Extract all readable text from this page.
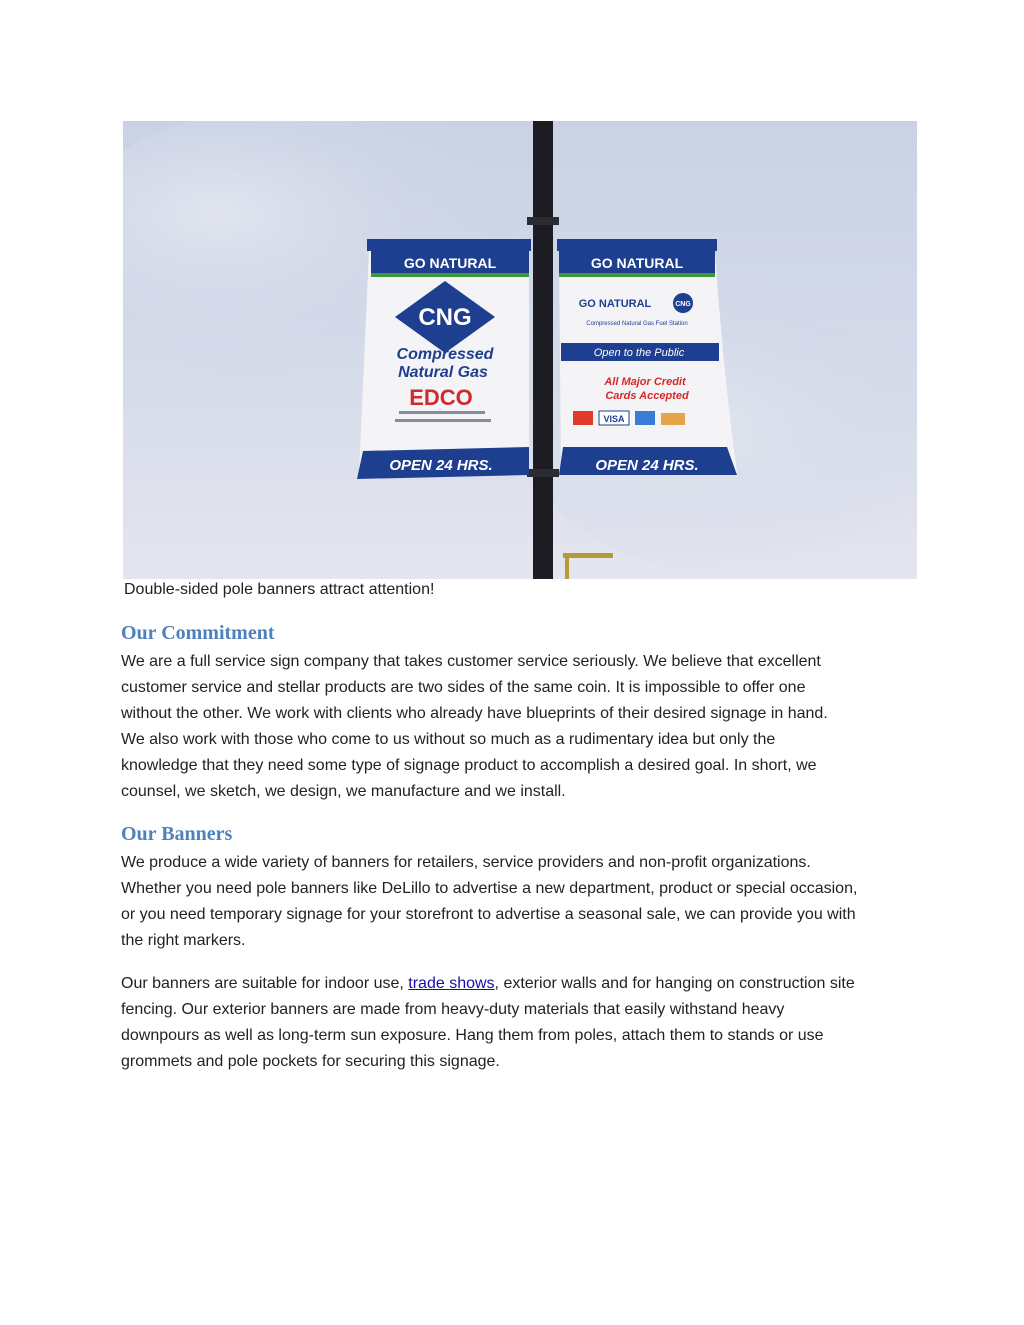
GO NATURAL
CNG
Compressed
Natural Gas
EDCO
OPEN 24 HRS.
GO NATURAL
GO NATURAL	CNG
Compressed Natural Gas Fuel Station
Open to the Public
All Major Credit
Cards Accepted
VISA
OPEN 24 HRS.
Double-sided pole banners attract attention!
Our Commitment
We are a full service sign company that takes customer service seriously. We believe that excellent
customer service and stellar products are two sides of the same coin. It is impossible to offer one
without the other. We work with clients who already have blueprints of their desired signage in hand.
We also work with those who come to us without so much as a rudimentary idea but only the
knowledge that they need some type of signage product to accomplish a desired goal. In short, we
counsel, we sketch, we design, we manufacture and we install.
Our Banners
We produce a wide variety of banners for retailers, service providers and non-profit organizations.
Whether you need pole banners like DeLillo to advertise a new department, product or special occasion,
or you need temporary signage for your storefront to advertise a seasonal sale, we can provide you with
the right markers.
Our banners are suitable for indoor use, trade shows, exterior walls and for hanging on construction site
fencing. Our exterior banners are made from heavy-duty materials that easily withstand heavy
downpours as well as long-term sun exposure. Hang them from poles, attach them to stands or use
grommets and pole pockets for securing this signage.
